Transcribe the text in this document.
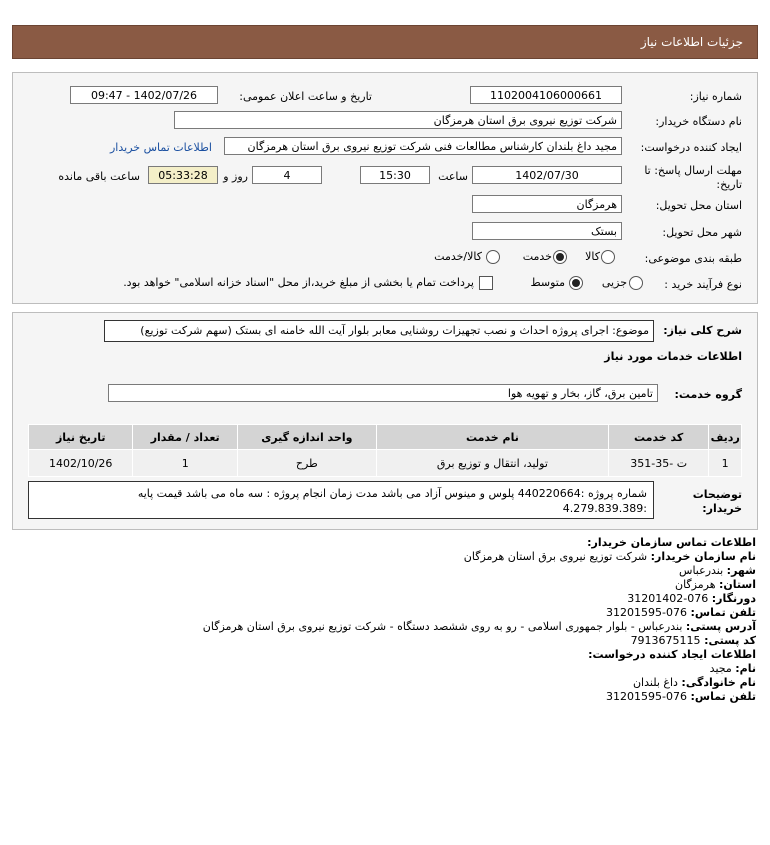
جزئیات اطلاعات نیاز
شماره نیاز:
1102004106000661
تاریخ و ساعت اعلان عمومی:
1402/07/26 - 09:47
نام دستگاه خریدار:
شرکت توزیع نیروی برق استان هرمزگان
ایجاد کننده درخواست:
مجید داغ بلندان کارشناس مطالعات فنی شرکت توزیع نیروی برق استان هرمزگان
اطلاعات تماس خریدار
مهلت ارسال پاسخ: تا
تاریخ:
1402/07/30
ساعت
15:30
4
روز و
05:33:28
ساعت باقی مانده
استان محل تحویل:
هرمزگان
شهر محل تحویل:
بستک
طبقه بندی موضوعی:
کالا
خدمت
کالا/خدمت
نوع فرآیند خرید :
جزیی
متوسط
پرداخت تمام یا بخشی از مبلغ خرید،از محل "اسناد خزانه اسلامی" خواهد بود.
شرح کلی نیاز:
موضوع: اجرای پروژه احداث و نصب تجهیزات روشنایی معابر بلوار آیت الله خامنه ای بستک (سهم شرکت توزیع)
اطلاعات خدمات مورد نیاز
گروه خدمت:
تامین برق، گاز، بخار و تهویه هوا
ردیف	کد خدمت	نام خدمت	واحد اندازه گیری	تعداد / مقدار	تاریخ نیاز
1	ت -35-351	تولید، انتقال و توزیع برق	طرح	1	1402/10/26
توضیحات
خریدار:
شماره پروژه :440220664 پلوس و مینوس آزاد می باشد مدت زمان انجام پروژه : سه ماه می باشد قیمت پایه
:4.279.839.389
اطلاعات تماس سازمان خریدار:
نام سازمان خریدار: شرکت توزیع نیروی برق استان هرمزگان
شهر: بندرعباس
استان: هرمزگان
دورنگار: 076-31201402
تلفن تماس: 076-31201595
آدرس پستی: بندرعباس - بلوار جمهوری اسلامی - رو به روی ششصد دستگاه - شرکت توزیع نیروی برق استان هرمزگان
کد پستی: 7913675115
اطلاعات ایجاد کننده درخواست:
نام: مجید
نام خانوادگی: داغ بلندان
تلفن تماس: 076-31201595
